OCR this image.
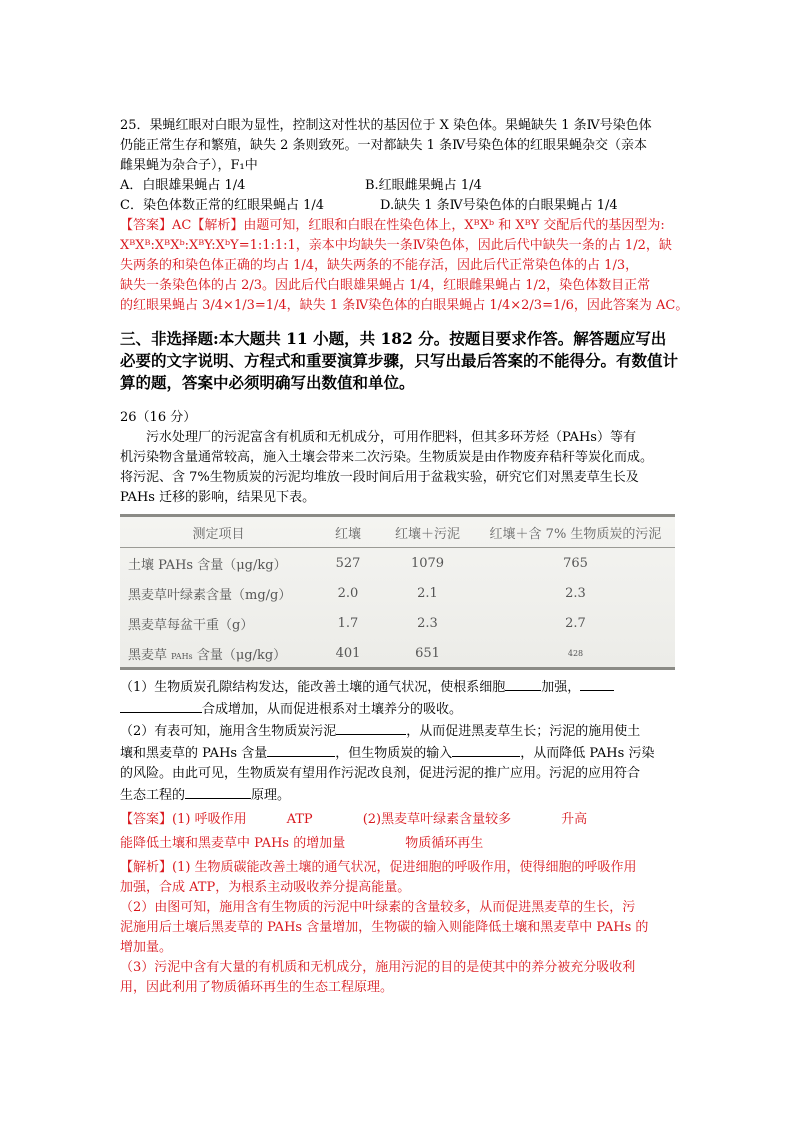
25．果蝇红眼对白眼为显性，控制这对性状的基因位于 X 染色体。果蝇缺失 1 条Ⅳ号染色体
仍能正常生存和繁殖，缺失 2 条则致死。一对都缺失 1 条Ⅳ号染色体的红眼果蝇杂交（亲本
雌果蝇为杂合子），F₁中
A．白眼雄果蝇占 1/4	B.红眼雌果蝇占 1/4
C．染色体数正常的红眼果蝇占 1/4	D.缺失 1 条Ⅳ号染色体的白眼果蝇占 1/4
【答案】AC【解析】由题可知，红眼和白眼在性染色体上，XᴮXᵇ 和 XᴮY 交配后代的基因型为:
XᴮXᴮ:XᴮXᵇ:XᴮY:XᵇY=1:1:1:1，亲本中均缺失一条Ⅳ染色体，因此后代中缺失一条的占 1/2，缺
失两条的和染色体正确的均占 1/4，缺失两条的不能存活，因此后代正常染色体的占 1/3，
缺失一条染色体的占 2/3。因此后代白眼雄果蝇占 1/4，红眼雌果蝇占 1/2，染色体数目正常
的红眼果蝇占 3/4×1/3=1/4，缺失 1 条Ⅳ染色体的白眼果蝇占 1/4×2/3=1/6，因此答案为 AC。
三、非选择题:本大题共 11 小题，共 182 分。按题目要求作答。解答题应写出必要的文字说明、方程式和重要演算步骤，只写出最后答案的不能得分。有数值计算的题，答案中必须明确写出数值和单位。
26（16 分）
污水处理厂的污泥富含有机质和无机成分，可用作肥料，但其多环芳烃（PAHs）等有
机污染物含量通常较高，施入土壤会带来二次污染。生物质炭是由作物废弃秸秆等炭化而成。
将污泥、含 7%生物质炭的污泥均堆放一段时间后用于盆栽实验，研究它们对黑麦草生长及
PAHs 迁移的影响，结果见下表。
测定项目	红壤	红壤＋污泥	红壤＋含 7% 生物质炭的污泥
土壤 PAHs 含量（μg/kg）	527	1079	765
黑麦草叶绿素含量（mg/g）	2.0	2.1	2.3
黑麦草每盆干重（g）	1.7	2.3	2.7
黑麦草 PAHs 含量（μg/kg）	401	651	428
（1）生物质炭孔隙结构发达，能改善土壤的通气状况，使根系细胞	加强，
合成增加，从而促进根系对土壤养分的吸收。
（2）有表可知，施用含生物质炭污泥	，从而促进黑麦草生长；污泥的施用使土
壤和黑麦草的 PAHs 含量	，但生物质炭的输入	，从而降低 PAHs 污染
的风险。由此可见，生物质炭有望用作污泥改良剂，促进污泥的推广应用。污泥的应用符合
生态工程的	原理。
【答案】(1) 呼吸作用	ATP	(2)黑麦草叶绿素含量较多	升高
能降低土壤和黑麦草中 PAHs 的增加量	物质循环再生
【解析】(1) 生物质碳能改善土壤的通气状况，促进细胞的呼吸作用，使得细胞的呼吸作用
加强，合成 ATP，为根系主动吸收养分提高能量。
（2）由图可知，施用含有生物质的污泥中叶绿素的含量较多，从而促进黑麦草的生长，污
泥施用后土壤后黑麦草的 PAHs 含量增加，生物碳的输入则能降低土壤和黑麦草中 PAHs 的
增加量。
（3）污泥中含有大量的有机质和无机成分，施用污泥的目的是使其中的养分被充分吸收利
用，因此利用了物质循环再生的生态工程原理。
